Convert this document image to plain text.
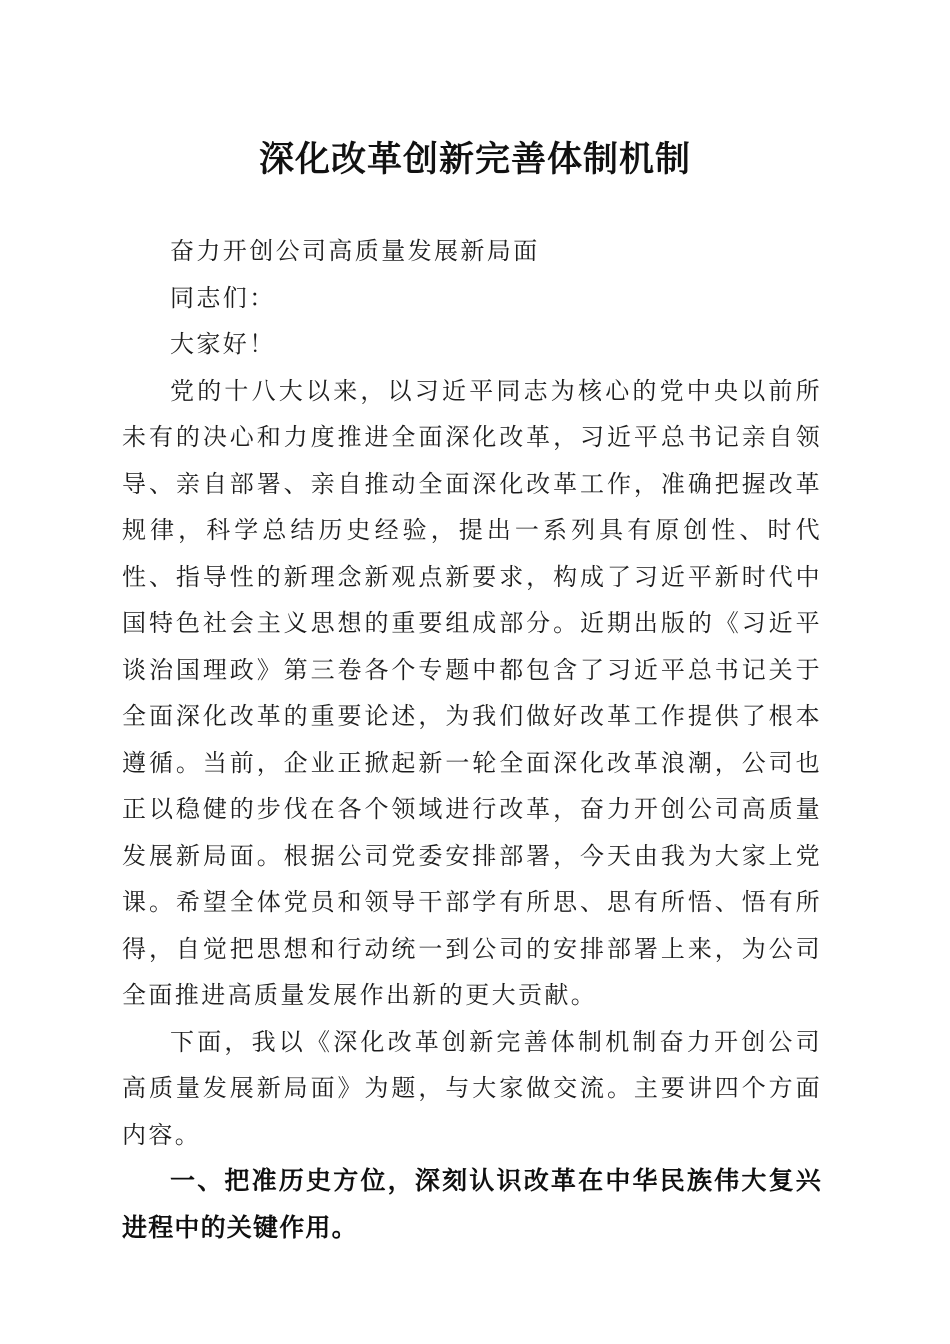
深化改革创新完善体制机制

奋力开创公司高质量发展新局面

同志们：

大家好！

党的十八大以来，以习近平同志为核心的党中央以前所未有的决心和力度推进全面深化改革，习近平总书记亲自领导、亲自部署、亲自推动全面深化改革工作，准确把握改革规律，科学总结历史经验，提出一系列具有原创性、时代性、指导性的新理念新观点新要求，构成了习近平新时代中国特色社会主义思想的重要组成部分。近期出版的《习近平谈治国理政》第三卷各个专题中都包含了习近平总书记关于全面深化改革的重要论述，为我们做好改革工作提供了根本遵循。当前，企业正掀起新一轮全面深化改革浪潮，公司也正以稳健的步伐在各个领域进行改革，奋力开创公司高质量发展新局面。根据公司党委安排部署，今天由我为大家上党课。希望全体党员和领导干部学有所思、思有所悟、悟有所得，自觉把思想和行动统一到公司的安排部署上来，为公司全面推进高质量发展作出新的更大贡献。

下面，我以《深化改革创新完善体制机制奋力开创公司高质量发展新局面》为题，与大家做交流。主要讲四个方面内容。

一、把准历史方位，深刻认识改革在中华民族伟大复兴进程中的关键作用。
